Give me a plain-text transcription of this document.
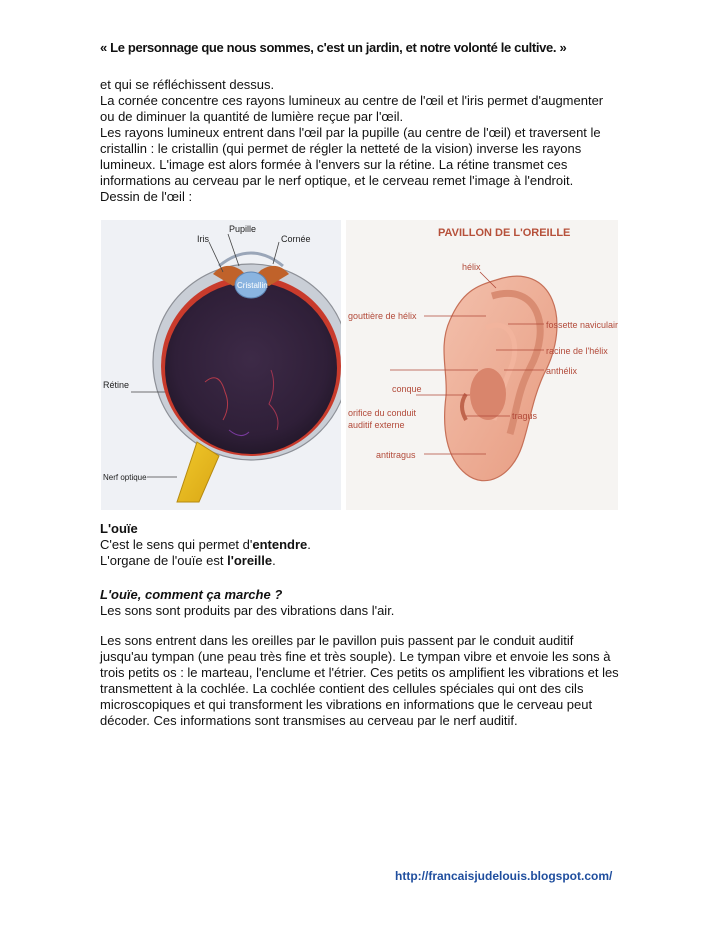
« Le personnage que nous sommes, c'est un jardin, et notre volonté le cultive. »

et qui se réfléchissent dessus.
La cornée concentre ces rayons lumineux au centre de l'œil et l'iris permet d'augmenter
ou de diminuer la quantité de lumière reçue par l'œil.
Les rayons lumineux entrent dans l'œil par la pupille (au centre de l'œil) et traversent le
cristallin : le cristallin (qui permet de régler la netteté de la vision) inverse les rayons
lumineux. L'image est alors formée à l'envers sur la rétine. La rétine transmet ces
informations au cerveau par le nerf optique, et le cerveau remet l'image à l'endroit.
Dessin de l'œil :

Pupille
Iris	Cornée
Cristallin
Rétine
Nerf optique
PAVILLON DE L'OREILLE
hélix
gouttière de hélix
fossette naviculaire
racine de l'hélix
anthélix
conque
orifice du conduit
auditif externe
tragus
antitragus

L'ouïe
C'est le sens qui permet d'entendre.
L'organe de l'ouïe est l'oreille.

L'ouïe, comment ça marche ?
Les sons sont produits par des vibrations dans l'air.

Les sons entrent dans les oreilles par le pavillon puis passent par le conduit auditif
jusqu'au tympan (une peau très fine et très souple). Le tympan vibre et envoie les sons à
trois petits os : le marteau, l'enclume et l'étrier. Ces petits os amplifient les vibrations et les
transmettent à la cochlée. La cochlée contient des cellules spéciales qui ont des cils
microscopiques et qui transforment les vibrations en informations que le cerveau peut
décoder. Ces informations sont transmises au cerveau par le nerf auditif.

http://francaisjudelouis.blogspot.com/
